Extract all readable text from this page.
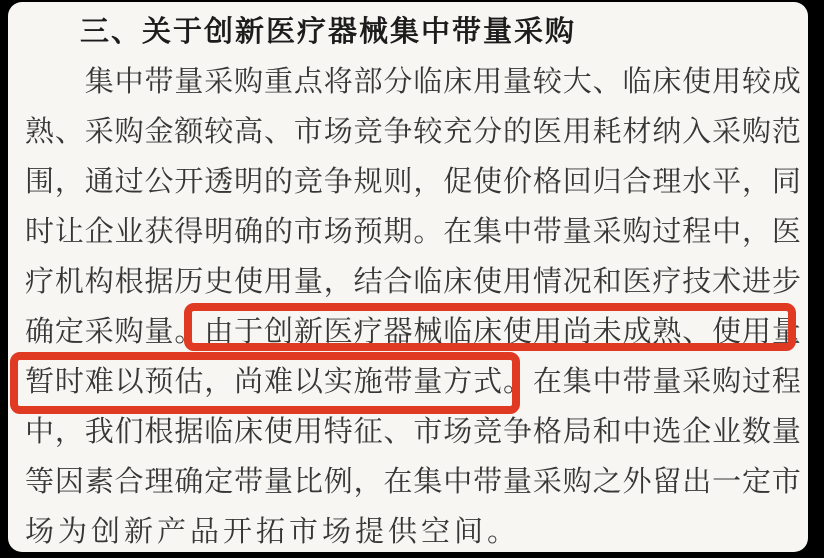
三、关于创新医疗器械集中带量采购

集 中 带 量 采 购 重 点 将 部 分 临 床 用 量 较 大 、 临 床 使 用 较 成
熟 、 采 购 金 额 较 高 、 市 场 竞 争 较 充 分 的 医 用 耗 材 纳 入 采 购 范
围 ， 通 过 公 开 透 明 的 竞 争 规 则 ， 促 使 价 格 回 归 合 理 水 平 ， 同
时 让 企 业 获 得 明 确 的 市 场 预 期 。 在 集 中 带 量 采 购 过 程 中 ， 医
疗 机 构 根 据 历 史 使 用 量 ， 结 合 临 床 使 用 情 况 和 医 疗 技 术 进 步
确 定 采 购 量 。 由 于 创 新 医 疗 器 械 临 床 使 用 尚 未 成 熟 、 使 用 量
暂 时 难 以 预 估 ， 尚 难 以 实 施 带 量 方 式 。 在 集 中 带 量 采 购 过 程
中 ， 我 们 根 据 临 床 使 用 特 征 、 市 场 竞 争 格 局 和 中 选 企 业 数 量
等 因 素 合 理 确 定 带 量 比 例 ， 在 集 中 带 量 采 购 之 外 留 出 一 定 市
场为创新产品开拓市场提供空间。
